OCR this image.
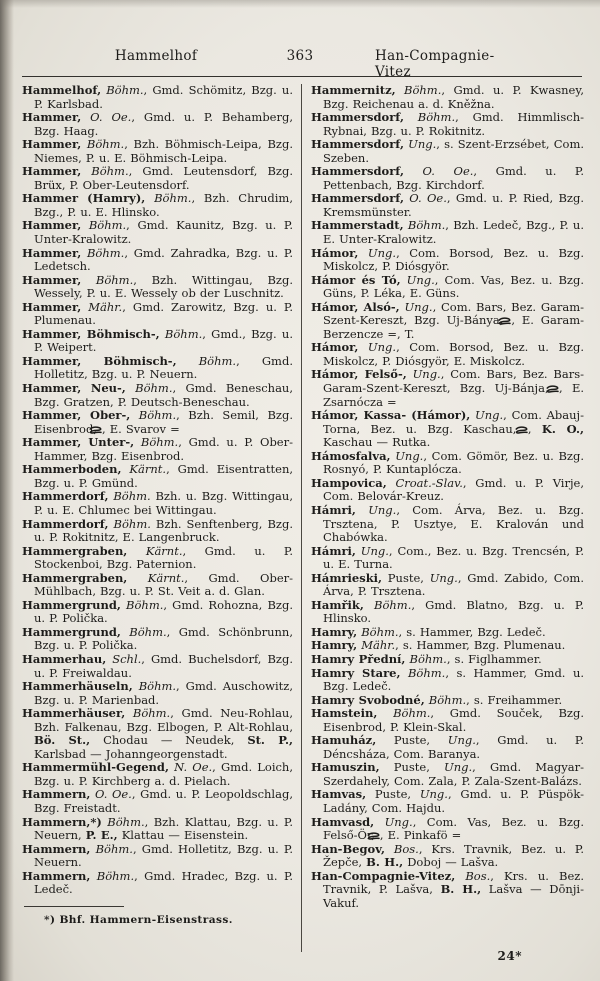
Hammelhof	363	Han-Compagnie-Vitez

Hammelhof, Böhm., Gmd. Schömitz, Bzg. u. P. Karlsbad.

Hammer, O. Oe., Gmd. u. P. Behamberg, Bzg. Haag.

Hammer, Böhm., Bzh. Böhmisch-Leipa, Bzg. Niemes, P. u. E. Böhmisch-Leipa.

Hammer, Böhm., Gmd. Leutensdorf, Bzg. Brüx, P. Ober-Leutensdorf.

Hammer (Hamry), Böhm., Bzh. Chrudim, Bzg., P. u. E. Hlinsko.

Hammer, Böhm., Gmd. Kaunitz, Bzg. u. P. Unter-Kralowitz.

Hammer, Böhm., Gmd. Zahradka, Bzg. u. P. Ledetsch.

Hammer, Böhm., Bzh. Wittingau, Bzg. Wessely, P. u. E. Wessely ob der Luschnitz.

Hammer, Mähr., Gmd. Zarowitz, Bzg. u. P. Plumenau.

Hammer, Böhmisch-, Böhm., Gmd., Bzg. u. P. Weipert.

Hammer, Böhmisch-, Böhm., Gmd. Holletitz, Bzg. u. P. Neuern.

Hammer, Neu-, Böhm., Gmd. Beneschau, Bzg. Gratzen, P. Deutsch-Beneschau.

Hammer, Ober-, Böhm., Bzh. Semil, Bzg. Eisenbrod, , E. Svarov =

Hammer, Unter-, Böhm., Gmd. u. P. Ober-Hammer, Bzg. Eisenbrod.

Hammerboden, Kärnt., Gmd. Eisentratten, Bzg. u. P. Gmünd.

Hammerdorf, Böhm. Bzh. u. Bzg. Wittingau, P. u. E. Chlumec bei Wittingau.

Hammerdorf, Böhm. Bzh. Senftenberg, Bzg. u. P. Rokitnitz, E. Langenbruck.

Hammergraben, Kärnt., Gmd. u. P. Stockenboi, Bzg. Paternion.

Hammergraben, Kärnt., Gmd. Ober-Mühlbach, Bzg. u. P. St. Veit a. d. Glan.

Hammergrund, Böhm., Gmd. Rohozna, Bzg. u. P. Polička.

Hammergrund, Böhm., Gmd. Schönbrunn, Bzg. u. P. Polička.

Hammerhau, Schl., Gmd. Buchelsdorf, Bzg. u. P. Freiwaldau.

Hammerhäuseln, Böhm., Gmd. Auschowitz, Bzg. u. P. Marienbad.

Hammerhäuser, Böhm., Gmd. Neu-Rohlau, Bzh. Falkenau, Bzg. Elbogen, P. Alt-Rohlau, Bö. St., Chodau — Neudek, St. P., Karlsbad — Johanngeorgenstadt.

Hammermühl-Gegend, N. Oe., Gmd. Loich, Bzg. u. P. Kirchberg a. d. Pielach.

Hammern, O. Oe., Gmd. u. P. Leopoldschlag, Bzg. Freistadt.

Hammern,*) Böhm., Bzh. Klattau, Bzg. u. P. Neuern, P. E., Klattau — Eisenstein.

Hammern, Böhm., Gmd. Holletitz, Bzg. u. P. Neuern.

Hammern, Böhm., Gmd. Hradec, Bzg. u. P. Ledeč.

*) Bhf. Hammern-Eisenstrass.

Hammernitz, Böhm., Gmd. u. P. Kwasney, Bzg. Reichenau a. d. Kněžna.

Hammersdorf, Böhm., Gmd. Himmlisch-Rybnai, Bzg. u. P. Rokitnitz.

Hammersdorf, Ung., s. Szent-Erzsébet, Com. Szeben.

Hammersdorf, O. Oe., Gmd. u. P. Pettenbach, Bzg. Kirchdorf.

Hammersdorf, O. Oe., Gmd. u. P. Ried, Bzg. Kremsmünster.

Hammerstadt, Böhm., Bzh. Ledeč, Bzg., P. u. E. Unter-Kralowitz.

Hámor, Ung., Com. Borsod, Bez. u. Bzg. Miskolcz, P. Diósgyör.

Hámor és Tó, Ung., Com. Vas, Bez. u. Bzg. Güns, P. Léka, E. Güns.

Hámor, Alsó-, Ung., Com. Bars, Bez. Garam-Szent-Kereszt, Bzg. Uj-Bánya, , E. Garam-Berzencze =, T.

Hámor, Ung., Com. Borsod, Bez. u. Bzg. Miskolcz, P. Diósgyör, E. Miskolcz.

Hámor, Felső-, Ung., Com. Bars, Bez. Bars-Garam-Szent-Kereszt, Bzg. Uj-Bánja, , E. Zsarnócza =

Hámor, Kassa- (Hámor), Ung., Com. Abauj-Torna, Bez. u. Bzg. Kaschau, , K. O., Kaschau — Rutka.

Hámosfalva, Ung., Com. Gömör, Bez. u. Bzg. Rosnyó, P. Kuntaplócza.

Hampovica, Croat.-Slav., Gmd. u. P. Virje, Com. Belovár-Kreuz.

Hámri, Ung., Com. Árva, Bez. u. Bzg. Trsztena, P. Usztye, E. Kralován und Chabówka.

Hámri, Ung., Com., Bez. u. Bzg. Trencsén, P. u. E. Turna.

Hámrieski, Puste, Ung., Gmd. Zabido, Com. Árva, P. Trsztena.

Hamřik, Böhm., Gmd. Blatno, Bzg. u. P. Hlinsko.

Hamry, Böhm., s. Hammer, Bzg. Ledeč.

Hamry, Mähr., s. Hammer, Bzg. Plumenau.

Hamry Přední, Böhm., s. Figlhammer.

Hamry Stare, Böhm., s. Hammer, Gmd. u. Bzg. Ledeč.

Hamry Svobodné, Böhm., s. Freihammer.

Hamstein, Böhm., Gmd. Souček, Bzg. Eisenbrod, P. Klein-Skal.

Hamuház, Puste, Ung., Gmd. u. P. Déncsháza, Com. Baranya.

Hamuszin, Puste, Ung., Gmd. Magyar-Szerdahely, Com. Zala, P. Zala-Szent-Balázs.

Hamvas, Puste, Ung., Gmd. u. P. Püspök-Ladány, Com. Hajdu.

Hamvasd, Ung., Com. Vas, Bez. u. Bzg. Felső-Ör, , E. Pinkafö =

Han-Begov, Bos., Krs. Travnik, Bez. u. P. Žepče, B. H., Doboj — Lašva.

Han-Compagnie-Vitez, Bos., Krs. u. Bez. Travnik, P. Lašva, B. H., Lašva — Dōnji-Vakuf.

24*
